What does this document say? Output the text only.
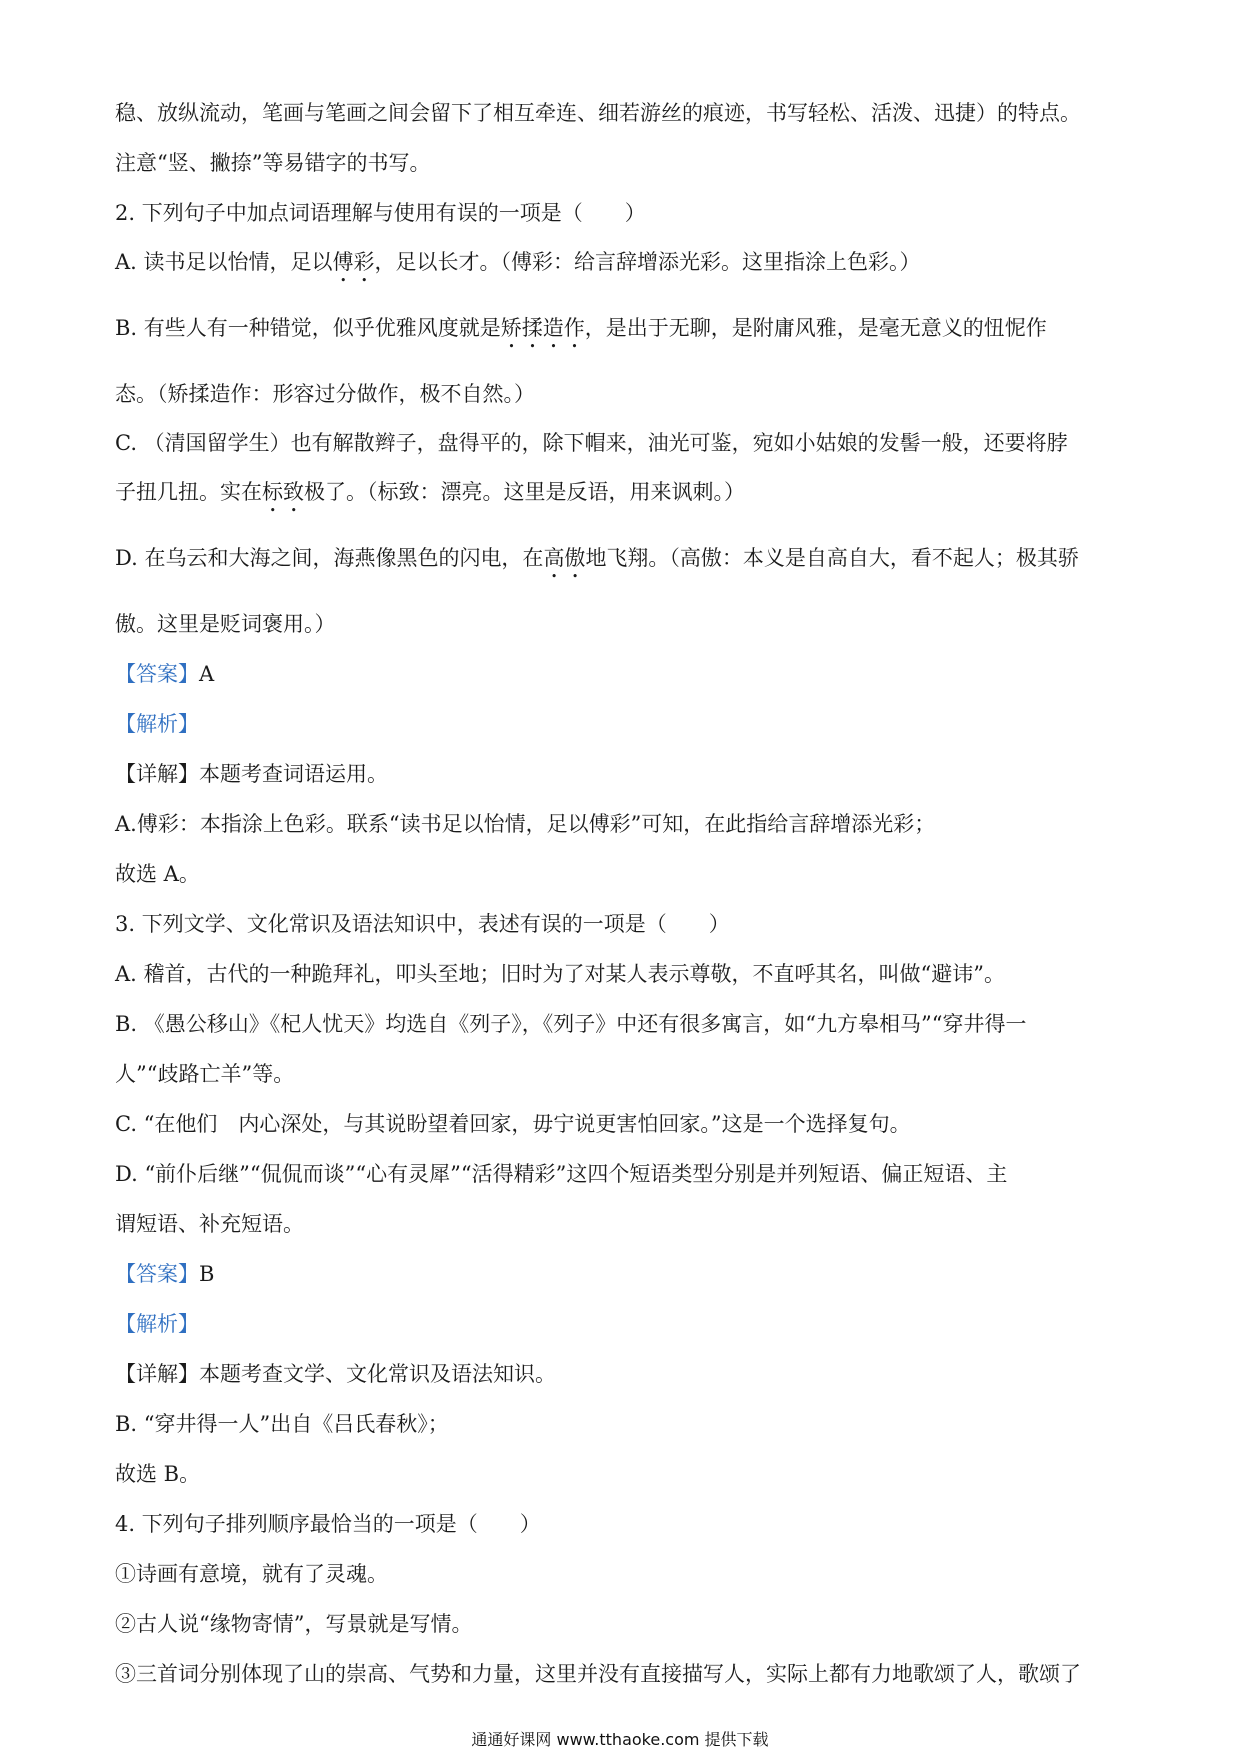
稳、放纵流动，笔画与笔画之间会留下了相互牵连、细若游丝的痕迹，书写轻松、活泼、迅捷）的特点。

注意“竖、撇捺”等易错字的书写。

2. 下列句子中加点词语理解与使用有误的一项是（　　）

A. 读书足以怡情，足以傅彩，足以长才。（傅彩：给言辞增添光彩。这里指涂上色彩。）

B. 有些人有一种错觉，似乎优雅风度就是矫揉造作，是出于无聊，是附庸风雅，是毫无意义的忸怩作

态。（矫揉造作：形容过分做作，极不自然。）

C. （清国留学生）也有解散辫子，盘得平的，除下帽来，油光可鉴，宛如小姑娘的发髻一般，还要将脖

子扭几扭。实在标致极了。（标致：漂亮。这里是反语，用来讽刺。）

D. 在乌云和大海之间，海燕像黑色的闪电，在高傲地飞翔。（高傲：本义是自高自大，看不起人；极其骄

傲。这里是贬词褒用。）

【答案】A

【解析】

【详解】本题考查词语运用。

A.傅彩：本指涂上色彩。联系“读书足以怡情，足以傅彩”可知，在此指给言辞增添光彩；

故选 A。

3. 下列文学、文化常识及语法知识中，表述有误的一项是（　　）

A. 稽首，古代的一种跪拜礼，叩头至地；旧时为了对某人表示尊敬，不直呼其名，叫做“避讳”。

B. 《愚公移山》《杞人忧天》均选自《列子》，《列子》中还有很多寓言，如“九方皋相马”“穿井得一

人”“歧路亡羊”等。

C. “在他们　内心深处，与其说盼望着回家，毋宁说更害怕回家。”这是一个选择复句。

D. “前仆后继”“侃侃而谈”“心有灵犀”“活得精彩”这四个短语类型分别是并列短语、偏正短语、主

谓短语、补充短语。

【答案】B

【解析】

【详解】本题考查文学、文化常识及语法知识。

B. “穿井得一人”出自《吕氏春秋》；

故选 B。

4. 下列句子排列顺序最恰当的一项是（　　）

①诗画有意境，就有了灵魂。

②古人说“缘物寄情”，写景就是写情。

③三首词分别体现了山的崇高、气势和力量，这里并没有直接描写人，实际上都有力地歌颂了人，歌颂了

通通好课网 www.tthaoke.com 提供下载
